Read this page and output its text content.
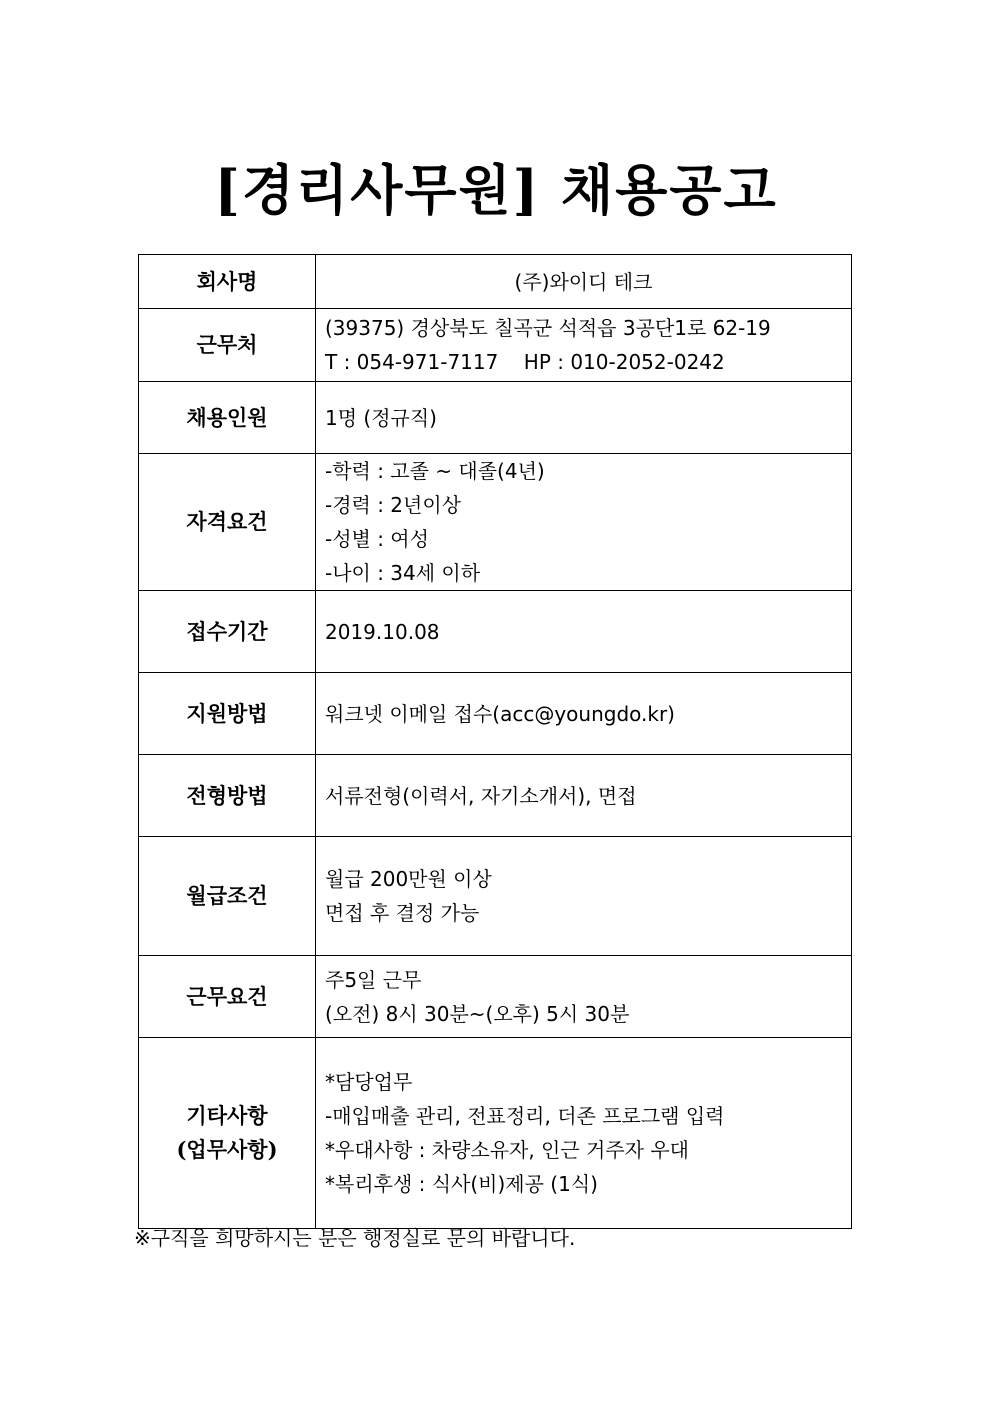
[경리사무원] 채용공고
회사명	(주)와이디 테크

근무처	(39375) 경상북도 칠곡군 석적읍 3공단1로 62-19
T : 054-971-7117    HP : 010-2052-0242

채용인원	1명 (정규직)

자격요건	-학력 : 고졸 ~ 대졸(4년)
-경력 : 2년이상
-성별 : 여성
-나이 : 34세 이하

접수기간	2019.10.08

지원방법	워크넷 이메일 접수(acc@youngdo.kr)

전형방법	서류전형(이력서, 자기소개서), 면접

월급조건	월급 200만원 이상
면접 후 결정 가능

근무요건	주5일 근무
(오전) 8시 30분~(오후) 5시 30분

기타사항
(업무사항)	*담당업무
-매입매출 관리, 전표정리, 더존 프로그램 입력
*우대사항 : 차량소유자, 인근 거주자 우대
*복리후생 : 식사(비)제공 (1식)
※구직을 희망하시는 분은 행정실로 문의 바랍니다.
